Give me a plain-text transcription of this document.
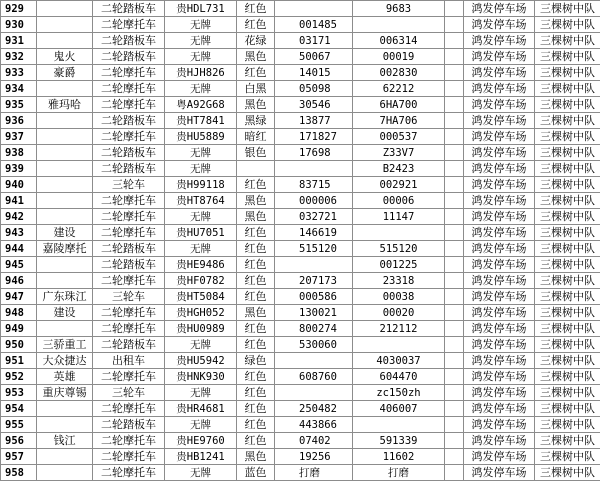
929		二轮踏板车	贵HDL731	红色		9683		鸿发停车场	三棵树中队
930		二轮摩托车	无牌	红色	001485			鸿发停车场	三棵树中队
931		二轮踏板车	无牌	花绿	03171	006314		鸿发停车场	三棵树中队
932	鬼火	二轮踏板车	无牌	黑色	50067	00019		鸿发停车场	三棵树中队
933	豪爵	二轮摩托车	贵HJH826	红色	14015	002830		鸿发停车场	三棵树中队
934		二轮摩托车	无牌	白黑	05098	62212		鸿发停车场	三棵树中队
935	雅玛哈	二轮摩托车	粤A92G68	黑色	30546	6HA700		鸿发停车场	三棵树中队
936		二轮踏板车	贵HT7841	黑绿	13877	7HA706		鸿发停车场	三棵树中队
937		二轮摩托车	贵HU5889	暗红	171827	000537		鸿发停车场	三棵树中队
938		二轮踏板车	无牌	银色	17698	Z33V7		鸿发停车场	三棵树中队
939		二轮踏板车	无牌			B2423		鸿发停车场	三棵树中队
940		三轮车	贵H99118	红色	83715	002921		鸿发停车场	三棵树中队
941		二轮摩托车	贵HT8764	黑色	000006	00006		鸿发停车场	三棵树中队
942		二轮摩托车	无牌	黑色	032721	11147		鸿发停车场	三棵树中队
943	建设	二轮摩托车	贵HU7051	红色	146619			鸿发停车场	三棵树中队
944	嘉陵摩托	二轮踏板车	无牌	红色	515120	515120		鸿发停车场	三棵树中队
945		二轮踏板车	贵HE9486	红色		001225		鸿发停车场	三棵树中队
946		二轮摩托车	贵HF0782	红色	207173	23318		鸿发停车场	三棵树中队
947	广东珠江	三轮车	贵HT5084	红色	000586	00038		鸿发停车场	三棵树中队
948	建设	二轮摩托车	贵HGH052	黑色	130021	00020		鸿发停车场	三棵树中队
949		二轮摩托车	贵HU0989	红色	800274	212112		鸿发停车场	三棵树中队
950	三骄重工	二轮踏板车	无牌	红色	530060			鸿发停车场	三棵树中队
951	大众捷达	出租车	贵HU5942	绿色		4030037		鸿发停车场	三棵树中队
952	英雄	二轮摩托车	贵HNK930	红色	608760	604470		鸿发停车场	三棵树中队
953	重庆尊锡	三轮车	无牌	红色		zc150zh		鸿发停车场	三棵树中队
954		二轮摩托车	贵HR4681	红色	250482	406007		鸿发停车场	三棵树中队
955		二轮踏板车	无牌	红色	443866			鸿发停车场	三棵树中队
956	钱江	二轮摩托车	贵HE9760	红色	07402	591339		鸿发停车场	三棵树中队
957		二轮摩托车	贵HB1241	黑色	19256	11602		鸿发停车场	三棵树中队
958		二轮摩托车	无牌	蓝色	打磨	打磨		鸿发停车场	三棵树中队
